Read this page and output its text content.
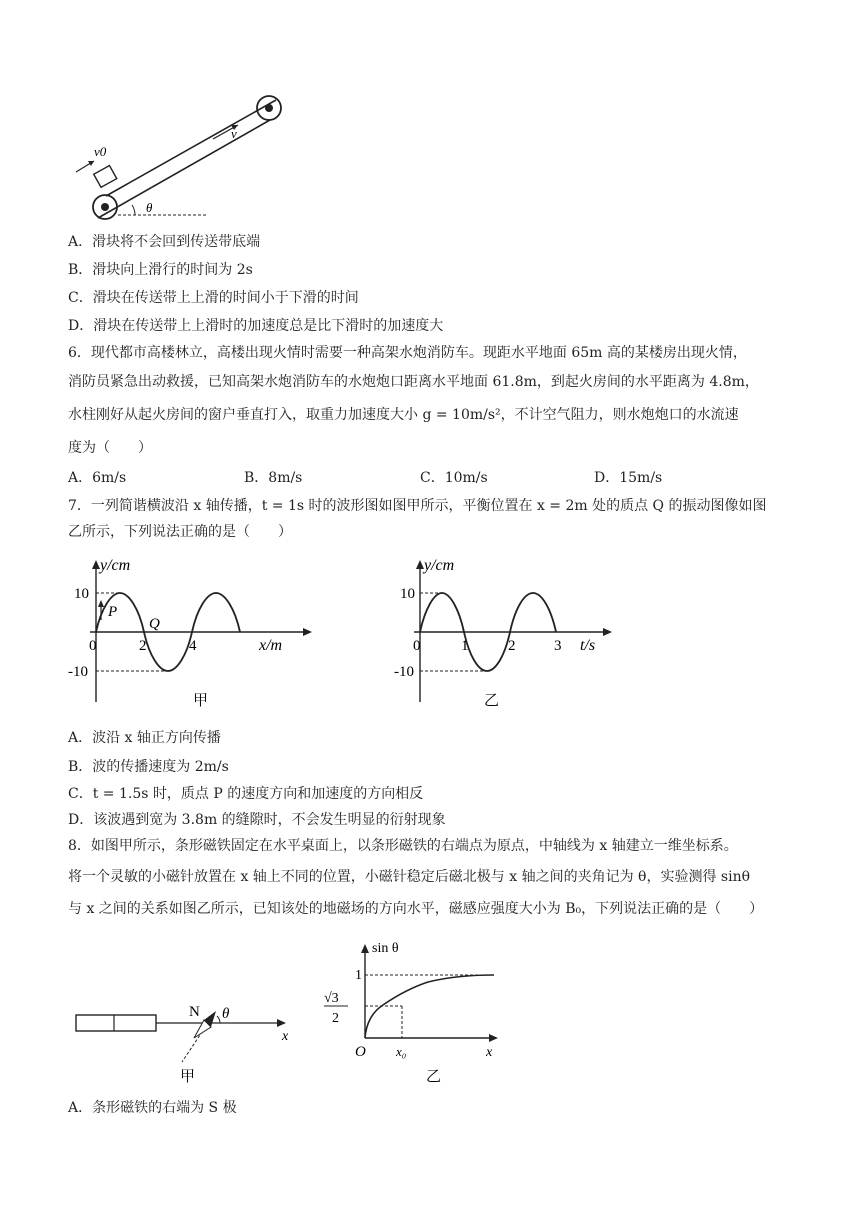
v0
v
θ
A．滑块将不会回到传送带底端
B．滑块向上滑行的时间为 2s
C．滑块在传送带上上滑的时间小于下滑的时间
D．滑块在传送带上上滑时的加速度总是比下滑时的加速度大
6．现代都市高楼林立，高楼出现火情时需要一种高架水炮消防车。现距水平地面 65m 高的某楼房出现火情，
消防员紧急出动救援，已知高架水炮消防车的水炮炮口距离水平地面 61.8m，到起火房间的水平距离为 4.8m，
水柱刚好从起火房间的窗户垂直打入，取重力加速度大小 g = 10m/s²，不计空气阻力，则水炮炮口的水流速
度为（　　）
A．6m/s	B．8m/s	C．10m/s	D．15m/s
7．一列简谐横波沿 x 轴传播，t = 1s 时的波形图如图甲所示，平衡位置在 x = 2m 处的质点 Q 的振动图像如图
乙所示，下列说法正确的是（　　）
y/cm
x/m
10
-10
0	2	4
P
Q
甲
y/cm
t/s
10
-10
0	1	2	3
乙
A．波沿 x 轴正方向传播
B．波的传播速度为 2m/s
C．t = 1.5s 时，质点 P 的速度方向和加速度的方向相反
D．该波遇到宽为 3.8m 的缝隙时，不会发生明显的衍射现象
8．如图甲所示，条形磁铁固定在水平桌面上，以条形磁铁的右端点为原点，中轴线为 x 轴建立一维坐标系。
将一个灵敏的小磁针放置在 x 轴上不同的位置，小磁针稳定后磁北极与 x 轴之间的夹角记为 θ，实验测得 sinθ
与 x 之间的关系如图乙所示，已知该处的地磁场的方向水平，磁感应强度大小为 B₀，下列说法正确的是（　　）
N θ
x
甲
sin θ
1
√3
2
O x₀	x
乙
A．条形磁铁的右端为 S 极
